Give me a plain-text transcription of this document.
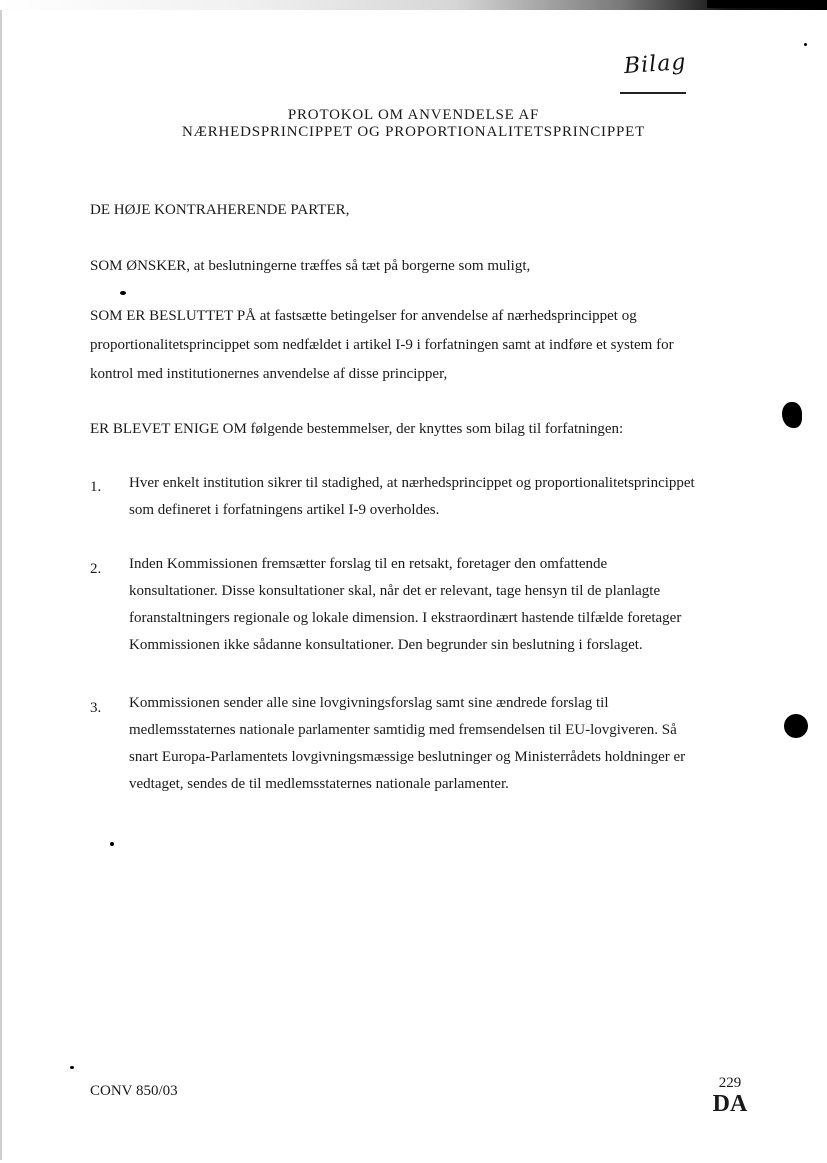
Bilag
PROTOKOL OM ANVENDELSE AF
NÆRHEDSPRINCIPPET OG PROPORTIONALITETSPRINCIPPET
DE HØJE KONTRAHERENDE PARTER,
SOM ØNSKER, at beslutningerne træffes så tæt på borgerne som muligt,
SOM ER BESLUTTET PÅ at fastsætte betingelser for anvendelse af nærhedsprincippet og
proportionalitetsprincippet som nedfældet i artikel I-9 i forfatningen samt at indføre et system for
kontrol med institutionernes anvendelse af disse principper,
ER BLEVET ENIGE OM følgende bestemmelser, der knyttes som bilag til forfatningen:
1. Hver enkelt institution sikrer til stadighed, at nærhedsprincippet og proportionalitetsprincippet
som defineret i forfatningens artikel I-9 overholdes.
2. Inden Kommissionen fremsætter forslag til en retsakt, foretager den omfattende
konsultationer. Disse konsultationer skal, når det er relevant, tage hensyn til de planlagte
foranstaltningers regionale og lokale dimension. I ekstraordinært hastende tilfælde foretager
Kommissionen ikke sådanne konsultationer. Den begrunder sin beslutning i forslaget.
3. Kommissionen sender alle sine lovgivningsforslag samt sine ændrede forslag til
medlemsstaternes nationale parlamenter samtidig med fremsendelsen til EU-lovgiveren. Så
snart Europa-Parlamentets lovgivningsmæssige beslutninger og Ministerrådets holdninger er
vedtaget, sendes de til medlemsstaternes nationale parlamenter.
CONV 850/03	229
DA
